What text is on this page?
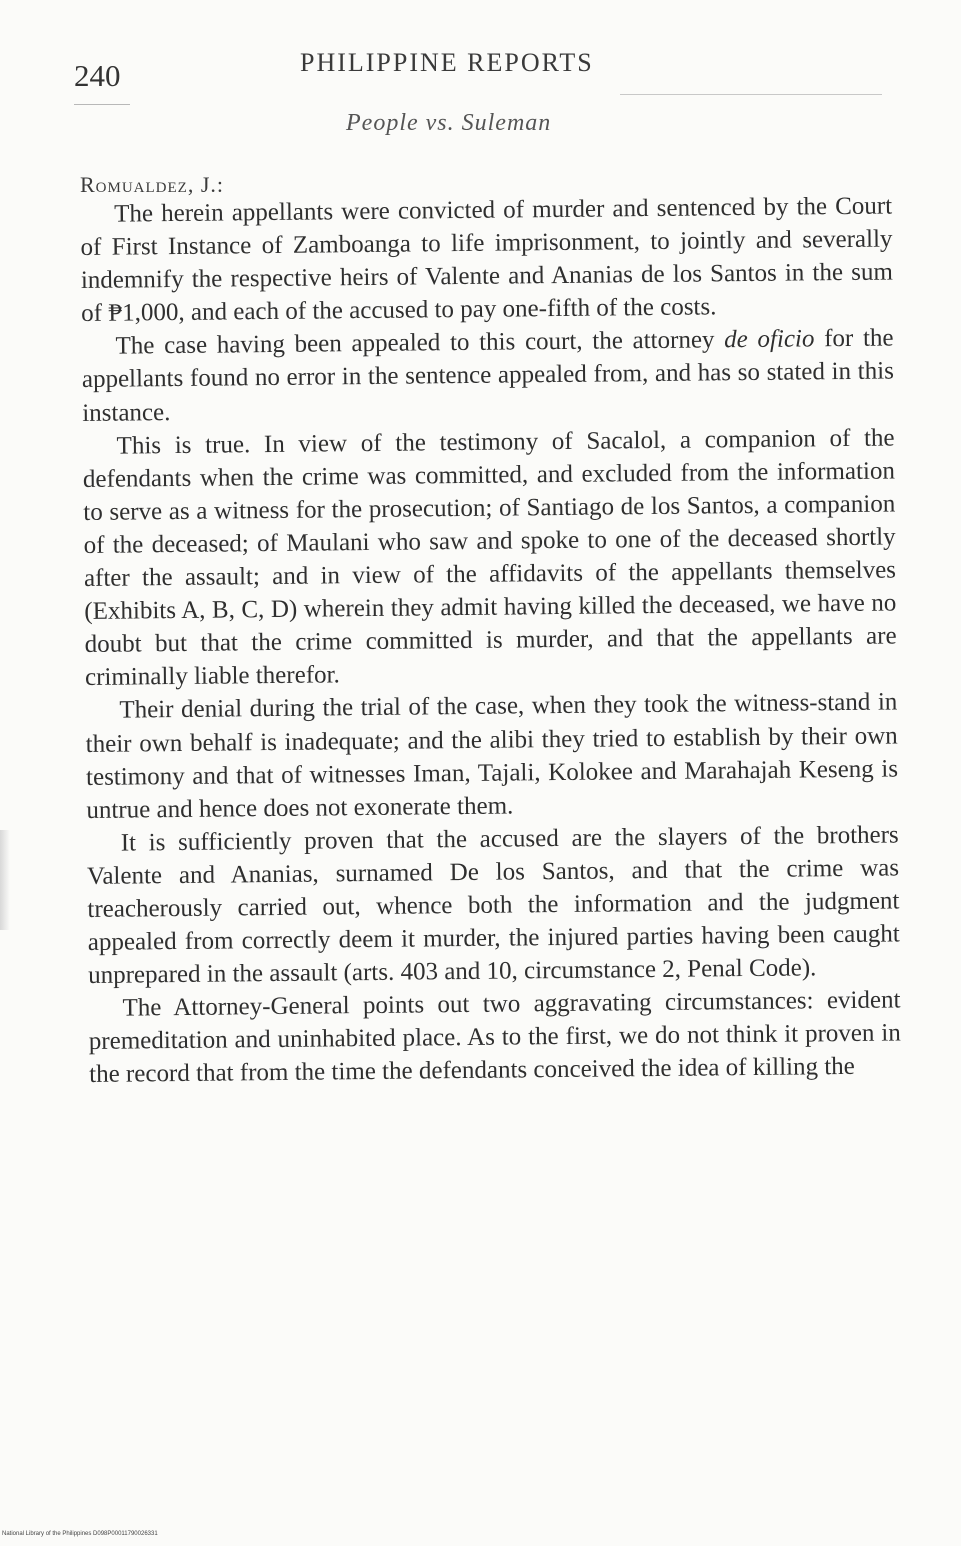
240	PHILIPPINE REPORTS
People vs. Suleman
Romualdez, J.:

The herein appellants were convicted of murder and sentenced by the Court of First Instance of Zamboanga to life imprisonment, to jointly and severally indemnify the respective heirs of Valente and Ananias de los Santos in the sum of ₱1,000, and each of the accused to pay one-fifth of the costs.

The case having been appealed to this court, the attorney de oficio for the appellants found no error in the sentence appealed from, and has so stated in this instance.

This is true. In view of the testimony of Sacalol, a companion of the defendants when the crime was committed, and excluded from the information to serve as a witness for the prosecution; of Santiago de los Santos, a companion of the deceased; of Maulani who saw and spoke to one of the deceased shortly after the assault; and in view of the affidavits of the appellants themselves (Exhibits A, B, C, D) wherein they admit having killed the deceased, we have no doubt but that the crime committed is murder, and that the appellants are criminally liable therefor.

Their denial during the trial of the case, when they took the witness-stand in their own behalf is inadequate; and the alibi they tried to establish by their own testimony and that of witnesses Iman, Tajali, Kolokee and Marahajah Keseng is untrue and hence does not exonerate them.

It is sufficiently proven that the accused are the slayers of the brothers Valente and Ananias, surnamed De los Santos, and that the crime was treacherously carried out, whence both the information and the judgment appealed from correctly deem it murder, the injured parties having been caught unprepared in the assault (arts. 403 and 10, circumstance 2, Penal Code).

The Attorney-General points out two aggravating circumstances: evident premeditation and uninhabited place. As to the first, we do not think it proven in the record that from the time the defendants conceived the idea of killing the

National Library of the Philippines D098P00011790026331
